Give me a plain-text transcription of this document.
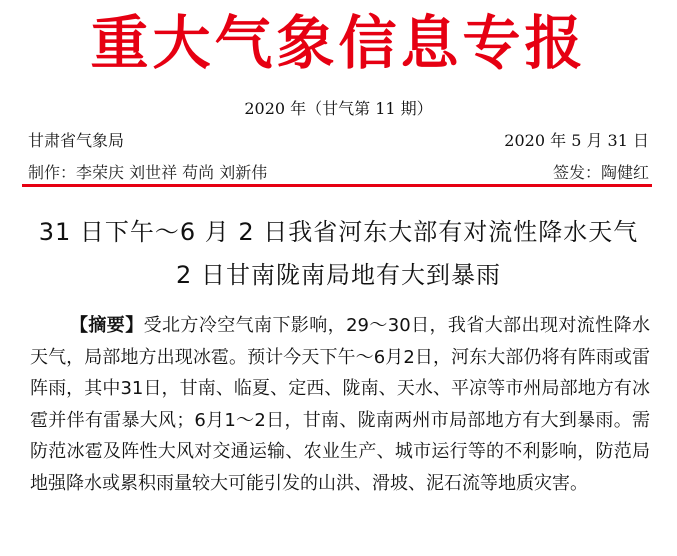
重大气象信息专报
2020 年（甘气第 11 期）
甘肃省气象局	2020 年 5 月 31 日
制作：李荣庆 刘世祥 苟尚 刘新伟	签发：陶健红
31 日下午～6 月 2 日我省河东大部有对流性降水天气
2 日甘南陇南局地有大到暴雨
【摘要】受北方冷空气南下影响，29～30日，我省大部出现对流性降水天气，局部地方出现冰雹。预计今天下午～6月2日，河东大部仍将有阵雨或雷阵雨，其中31日，甘南、临夏、定西、陇南、天水、平凉等市州局部地方有冰雹并伴有雷暴大风；6月1～2日，甘南、陇南两州市局部地方有大到暴雨。需防范冰雹及阵性大风对交通运输、农业生产、城市运行等的不利影响，防范局地强降水或累积雨量较大可能引发的山洪、滑坡、泥石流等地质灾害。
